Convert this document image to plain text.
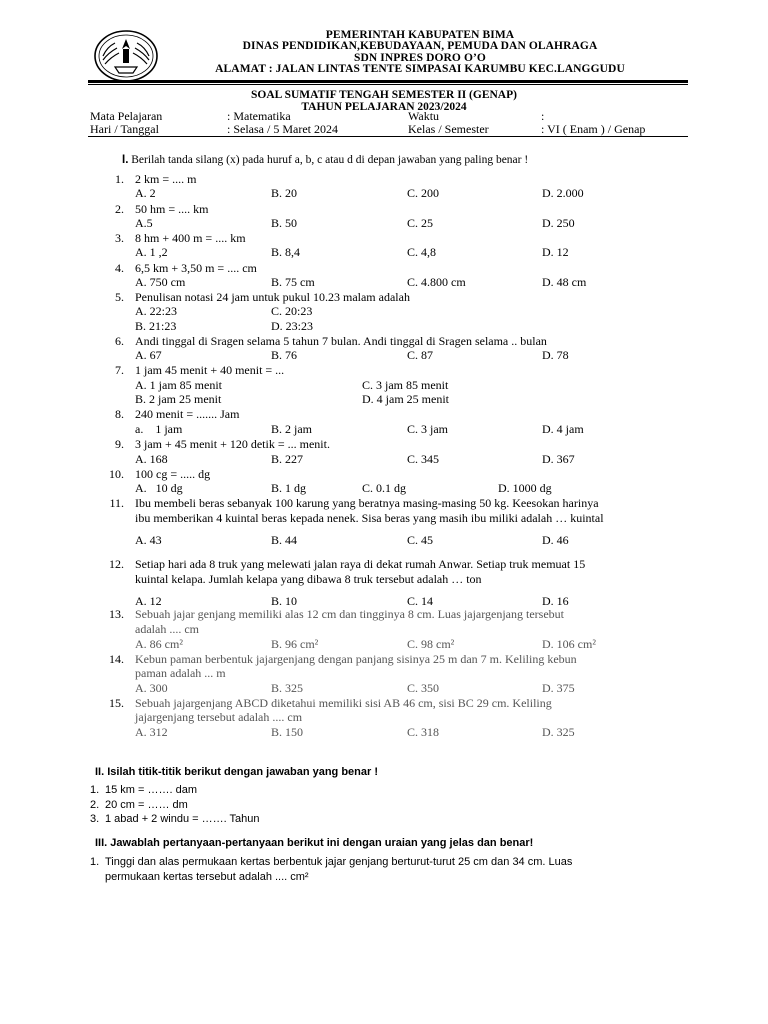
PEMERINTAH KABUPATEN BIMA
DINAS PENDIDIKAN,KEBUDAYAAN, PEMUDA DAN OLAHRAGA
SDN INPRES DORO O’O
ALAMAT : JALAN LINTAS TENTE SIMPASAI KARUMBU KEC.LANGGUDU
SOAL SUMATIF TENGAH SEMESTER II (GENAP)
TAHUN PELAJARAN 2023/2024
Mata Pelajaran	: Matematika	Waktu	:
Hari / Tanggal	: Selasa / 5 Maret 2024	Kelas / Semester	: VI ( Enam ) / Genap
I. Berilah tanda silang (x) pada huruf a, b, c atau d di depan jawaban yang paling benar !
1. 2 km = .... m
A. 2	B. 20	C. 200	D. 2.000
2. 50 hm = .... km
A.5	B. 50	C. 25	D. 250
3. 8 hm + 400 m = .... km
A. 1 ,2	B. 8,4	C. 4,8	D. 12
4. 6,5 km + 3,50 m = .... cm
A. 750 cm	B. 75 cm	C. 4.800 cm	D. 48 cm
5. Penulisan notasi 24 jam untuk pukul 10.23 malam adalah
A. 22:23	C. 20:23
B. 21:23	D. 23:23
6. Andi tinggal di Sragen selama 5 tahun 7 bulan. Andi tinggal di Sragen selama .. bulan
A. 67	B. 76	C. 87	D. 78
7. 1 jam 45 menit + 40 menit = ...
A. 1 jam 85 menit	C. 3 jam 85 menit
B. 2 jam 25 menit	D. 4 jam 25 menit
8. 240 menit = ....... Jam
a.    1 jam	B. 2 jam	C. 3 jam	D. 4 jam
9. 3 jam + 45 menit + 120 detik = ... menit.
A. 168	B. 227	C. 345	D. 367
10. 100 cg = ..... dg
A.   10 dg	B. 1 dg	C. 0.1 dg	D. 1000 dg
11. Ibu membeli beras sebanyak 100 karung yang beratnya masing-masing 50 kg. Keesokan harinya
ibu memberikan 4 kuintal beras kepada nenek. Sisa beras yang masih ibu miliki adalah … kuintal
A. 43	B. 44	C. 45	D. 46
12. Setiap hari ada 8 truk yang melewati jalan raya di dekat rumah Anwar. Setiap truk memuat 15
kuintal kelapa. Jumlah kelapa yang dibawa 8 truk tersebut adalah … ton
A. 12	B. 10	C. 14	D. 16
13. Sebuah jajar genjang memiliki alas 12 cm dan tingginya 8 cm. Luas jajargenjang tersebut
adalah .... cm
A. 86 cm²	B. 96 cm²	C. 98 cm²	D. 106 cm²
14. Kebun paman berbentuk jajargenjang dengan panjang sisinya 25 m dan 7 m. Keliling kebun
paman adalah ... m
A. 300	B. 325	C. 350	D. 375
15. Sebuah jajargenjang ABCD diketahui memiliki sisi AB 46 cm, sisi BC 29 cm. Keliling
jajargenjang tersebut adalah .... cm
A. 312	B. 150	C. 318	D. 325
II. Isilah titik-titik berikut dengan jawaban yang benar !
1. 15 km = ……. dam
2. 20 cm = …… dm
3. 1 abad + 2 windu = ……. Tahun
III. Jawablah pertanyaan-pertanyaan berikut ini dengan uraian yang jelas dan benar!
1. Tinggi dan alas permukaan kertas berbentuk jajar genjang berturut-turut 25 cm dan 34 cm. Luas
permukaan kertas tersebut adalah .... cm²
